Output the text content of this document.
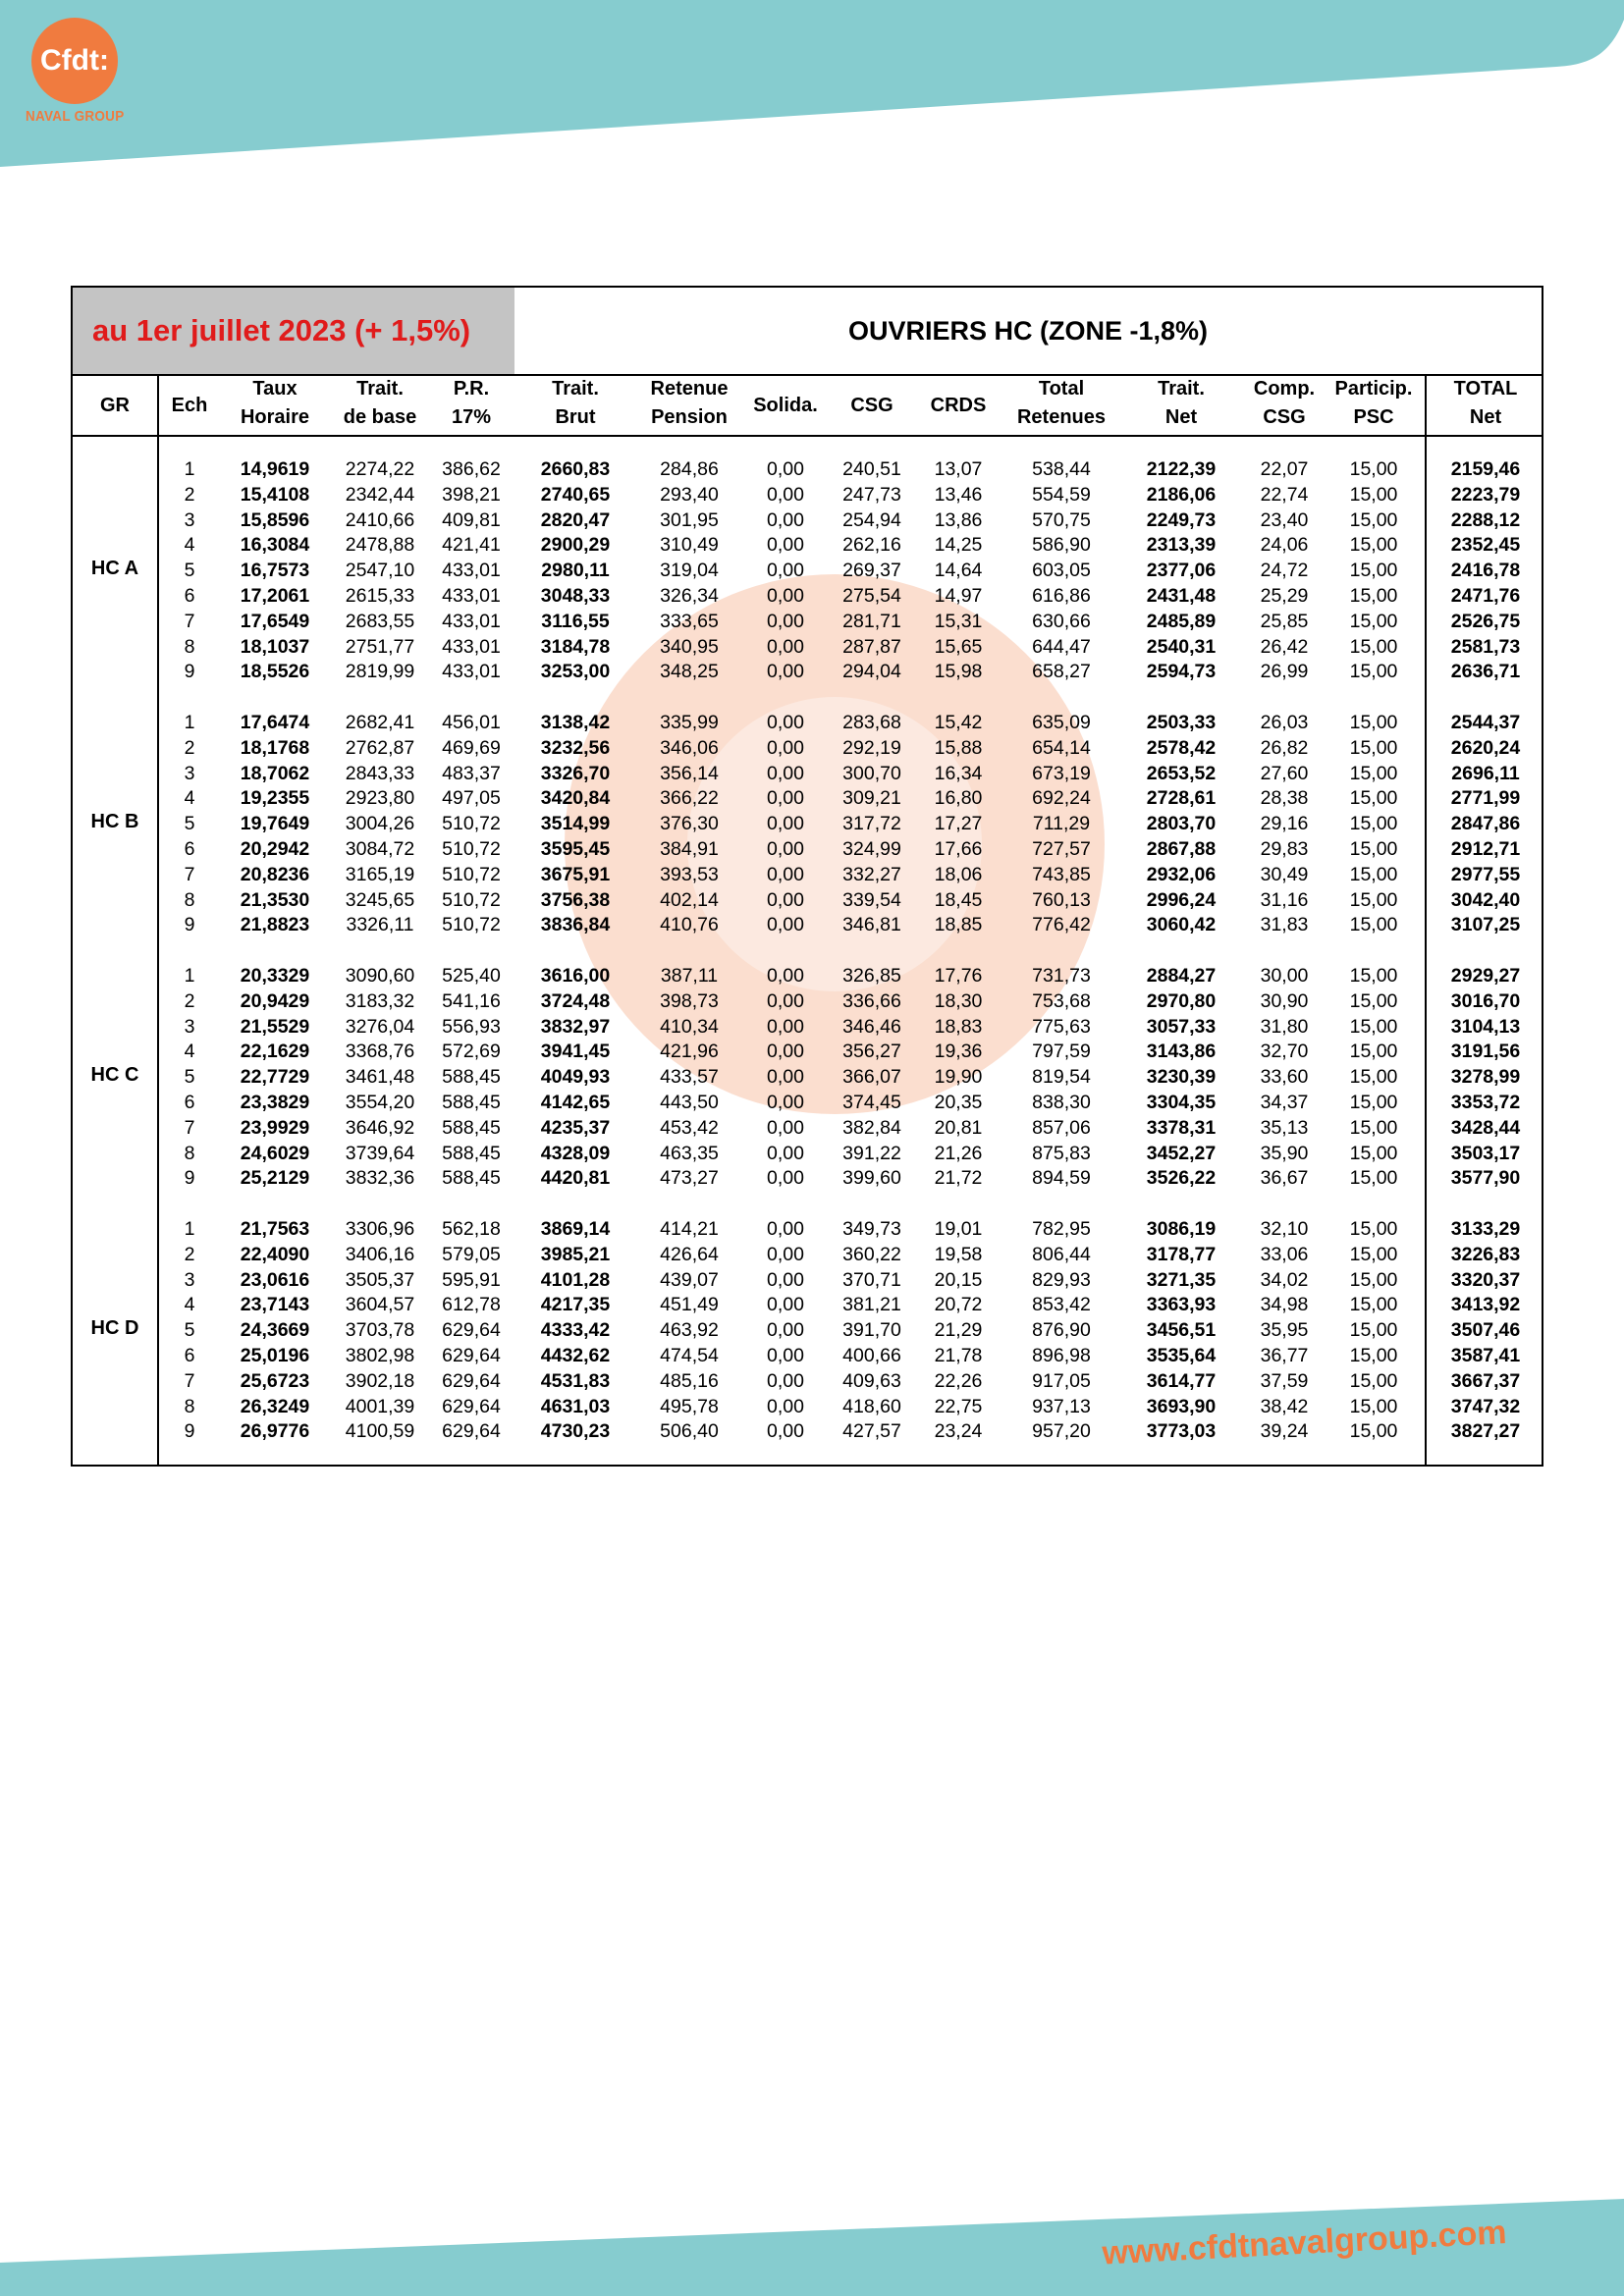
Cfdt:
NAVAL GROUP
au 1er juillet 2023 (+ 1,5%)	OUVRIERS HC (ZONE -1,8%)
GR	Ech
Taux
Horaire
Trait.
de base
P.R.
17%
Trait.
Brut
Retenue
Pension
Solida.	CSG	CRDS
Total
Retenues
Trait.
Net
Comp.
CSG
Particip.
PSC
TOTAL
Net
HC A
1	14,9619	2274,22	386,62	2660,83	284,86	0,00	240,51	13,07	538,44	2122,39	22,07	15,00	2159,46
2	15,4108	2342,44	398,21	2740,65	293,40	0,00	247,73	13,46	554,59	2186,06	22,74	15,00	2223,79
3	15,8596	2410,66	409,81	2820,47	301,95	0,00	254,94	13,86	570,75	2249,73	23,40	15,00	2288,12
4	16,3084	2478,88	421,41	2900,29	310,49	0,00	262,16	14,25	586,90	2313,39	24,06	15,00	2352,45
5	16,7573	2547,10	433,01	2980,11	319,04	0,00	269,37	14,64	603,05	2377,06	24,72	15,00	2416,78
6	17,2061	2615,33	433,01	3048,33	326,34	0,00	275,54	14,97	616,86	2431,48	25,29	15,00	2471,76
7	17,6549	2683,55	433,01	3116,55	333,65	0,00	281,71	15,31	630,66	2485,89	25,85	15,00	2526,75
8	18,1037	2751,77	433,01	3184,78	340,95	0,00	287,87	15,65	644,47	2540,31	26,42	15,00	2581,73
9	18,5526	2819,99	433,01	3253,00	348,25	0,00	294,04	15,98	658,27	2594,73	26,99	15,00	2636,71
HC B
1	17,6474	2682,41	456,01	3138,42	335,99	0,00	283,68	15,42	635,09	2503,33	26,03	15,00	2544,37
2	18,1768	2762,87	469,69	3232,56	346,06	0,00	292,19	15,88	654,14	2578,42	26,82	15,00	2620,24
3	18,7062	2843,33	483,37	3326,70	356,14	0,00	300,70	16,34	673,19	2653,52	27,60	15,00	2696,11
4	19,2355	2923,80	497,05	3420,84	366,22	0,00	309,21	16,80	692,24	2728,61	28,38	15,00	2771,99
5	19,7649	3004,26	510,72	3514,99	376,30	0,00	317,72	17,27	711,29	2803,70	29,16	15,00	2847,86
6	20,2942	3084,72	510,72	3595,45	384,91	0,00	324,99	17,66	727,57	2867,88	29,83	15,00	2912,71
7	20,8236	3165,19	510,72	3675,91	393,53	0,00	332,27	18,06	743,85	2932,06	30,49	15,00	2977,55
8	21,3530	3245,65	510,72	3756,38	402,14	0,00	339,54	18,45	760,13	2996,24	31,16	15,00	3042,40
9	21,8823	3326,11	510,72	3836,84	410,76	0,00	346,81	18,85	776,42	3060,42	31,83	15,00	3107,25
HC C
1	20,3329	3090,60	525,40	3616,00	387,11	0,00	326,85	17,76	731,73	2884,27	30,00	15,00	2929,27
2	20,9429	3183,32	541,16	3724,48	398,73	0,00	336,66	18,30	753,68	2970,80	30,90	15,00	3016,70
3	21,5529	3276,04	556,93	3832,97	410,34	0,00	346,46	18,83	775,63	3057,33	31,80	15,00	3104,13
4	22,1629	3368,76	572,69	3941,45	421,96	0,00	356,27	19,36	797,59	3143,86	32,70	15,00	3191,56
5	22,7729	3461,48	588,45	4049,93	433,57	0,00	366,07	19,90	819,54	3230,39	33,60	15,00	3278,99
6	23,3829	3554,20	588,45	4142,65	443,50	0,00	374,45	20,35	838,30	3304,35	34,37	15,00	3353,72
7	23,9929	3646,92	588,45	4235,37	453,42	0,00	382,84	20,81	857,06	3378,31	35,13	15,00	3428,44
8	24,6029	3739,64	588,45	4328,09	463,35	0,00	391,22	21,26	875,83	3452,27	35,90	15,00	3503,17
9	25,2129	3832,36	588,45	4420,81	473,27	0,00	399,60	21,72	894,59	3526,22	36,67	15,00	3577,90
HC D
1	21,7563	3306,96	562,18	3869,14	414,21	0,00	349,73	19,01	782,95	3086,19	32,10	15,00	3133,29
2	22,4090	3406,16	579,05	3985,21	426,64	0,00	360,22	19,58	806,44	3178,77	33,06	15,00	3226,83
3	23,0616	3505,37	595,91	4101,28	439,07	0,00	370,71	20,15	829,93	3271,35	34,02	15,00	3320,37
4	23,7143	3604,57	612,78	4217,35	451,49	0,00	381,21	20,72	853,42	3363,93	34,98	15,00	3413,92
5	24,3669	3703,78	629,64	4333,42	463,92	0,00	391,70	21,29	876,90	3456,51	35,95	15,00	3507,46
6	25,0196	3802,98	629,64	4432,62	474,54	0,00	400,66	21,78	896,98	3535,64	36,77	15,00	3587,41
7	25,6723	3902,18	629,64	4531,83	485,16	0,00	409,63	22,26	917,05	3614,77	37,59	15,00	3667,37
8	26,3249	4001,39	629,64	4631,03	495,78	0,00	418,60	22,75	937,13	3693,90	38,42	15,00	3747,32
9	26,9776	4100,59	629,64	4730,23	506,40	0,00	427,57	23,24	957,20	3773,03	39,24	15,00	3827,27
www.cfdtnavalgroup.com
